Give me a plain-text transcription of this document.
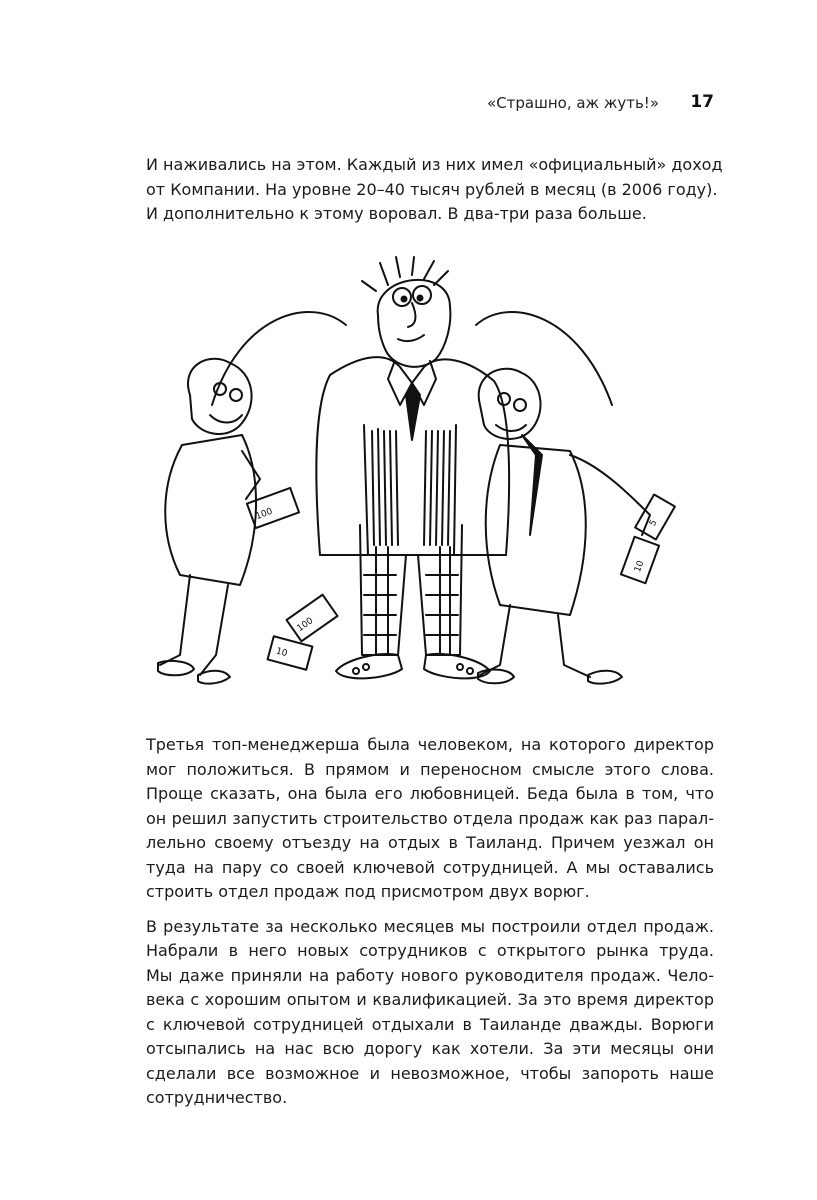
«Страшно, аж жуть!» 17

И наживались на этом. Каждый из них имел «официальный» доход
от Компании. На уровне 20–40 тысяч рублей в месяц (в 2006 году).
И дополнительно к этому воровал. В два-три раза больше.

100
100
10
10
5

Третья топ-менеджерша была человеком, на которого директор
мог положиться. В прямом и переносном смысле этого слова.
Проще сказать, она была его любовницей. Беда была в том, что
он решил запустить строительство отдела продаж как раз парал-
лельно своему отъезду на отдых в Таиланд. Причем уезжал он
туда на пару со своей ключевой сотрудницей. А мы оставались
строить отдел продаж под присмотром двух ворюг.

В результате за несколько месяцев мы построили отдел продаж.
Набрали в него новых сотрудников с открытого рынка труда.
Мы даже приняли на работу нового руководителя продаж. Чело-
века с хорошим опытом и квалификацией. За это время директор
с ключевой сотрудницей отдыхали в Таиланде дважды. Ворюги
отсыпались на нас всю дорогу как хотели. За эти месяцы они
сделали все возможное и невозможное, чтобы запороть наше
сотрудничество.
